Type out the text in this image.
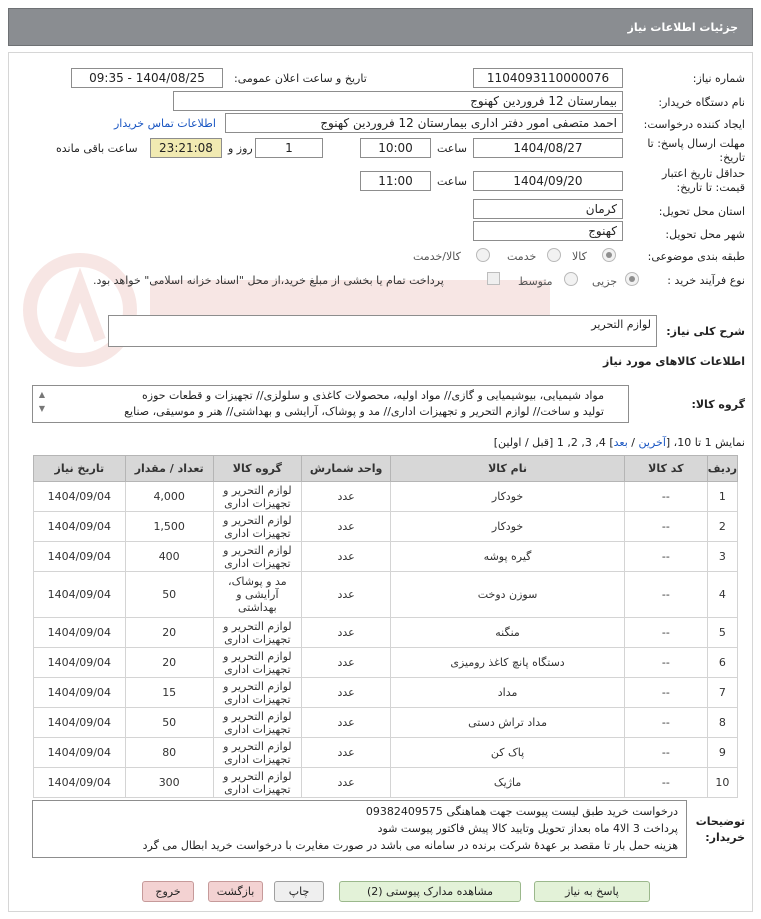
جزئیات اطلاعات نیاز
شماره نیاز:
1104093110000076
تاریخ و ساعت اعلان عمومی:
1404/08/25 - 09:35
نام دستگاه خریدار:
بیمارستان 12 فروردین کهنوج
ایجاد کننده درخواست:
احمد متصفی امور دفتر اداری بیمارستان 12 فروردین کهنوج
اطلاعات تماس خریدار
مهلت ارسال پاسخ: تا
تاریخ:
1404/08/27
ساعت
10:00
1
روز و
23:21:08
ساعت باقی مانده
حداقل تاریخ اعتبار
قیمت: تا تاریخ:
1404/09/20
ساعت
11:00
استان محل تحویل:
کرمان
شهر محل تحویل:
کهنوج
طبقه بندی موضوعی:
کالا
خدمت
کالا/خدمت
نوع فرآیند خرید :
جزیی
متوسط
پرداخت تمام یا بخشی از مبلغ خرید،از محل "اسناد خزانه اسلامی" خواهد بود.
شرح کلی نیاز:
لوازم التحریر
اطلاعات کالاهای مورد نیاز
گروه کالا:
مواد شیمیایی، بیوشیمیایی و گازی// مواد اولیه، محصولات کاغذی و سلولزی// تجهیزات و قطعات حوزه
تولید و ساخت// لوازم التحریر و تجهیزات اداری// مد و پوشاک، آرایشی و بهداشتی// هنر و موسیقی، صنایع
▲
▼
نمایش 1 تا 10، [آخرین / بعد] 4, 3, 2, 1 [قبل / اولین]
ردیف	کد کالا	نام کالا	واحد شمارش	گروه کالا	تعداد / مقدار	تاریخ نیاز
1	--	خودکار	عدد	لوازم التحریر و تجهیزات اداری	4,000	1404/09/04
2	--	خودکار	عدد	لوازم التحریر و تجهیزات اداری	1,500	1404/09/04
3	--	گیره پوشه	عدد	لوازم التحریر و تجهیزات اداری	400	1404/09/04
4	--	سوزن دوخت	عدد	مد و پوشاک، آرایشی و بهداشتی	50	1404/09/04
5	--	منگنه	عدد	لوازم التحریر و تجهیزات اداری	20	1404/09/04
6	--	دستگاه پانچ کاغذ رومیزی	عدد	لوازم التحریر و تجهیزات اداری	20	1404/09/04
7	--	مداد	عدد	لوازم التحریر و تجهیزات اداری	15	1404/09/04
8	--	مداد تراش دستی	عدد	لوازم التحریر و تجهیزات اداری	50	1404/09/04
9	--	پاک کن	عدد	لوازم التحریر و تجهیزات اداری	80	1404/09/04
10	--	ماژیک	عدد	لوازم التحریر و تجهیزات اداری	300	1404/09/04
توضیحات
خریدار:
درخواست خرید طبق لیست پیوست جهت هماهنگی 09382409575
پرداخت 3 الا4 ماه بعداز تحویل وتایید کالا پیش فاکتور پیوست شود
هزینه حمل بار تا مقصد بر عهدهٔ شرکت برنده در سامانه می باشد در صورت مغایرت با درخواست خرید ابطال می گرد
پاسخ به نیاز
مشاهده مدارک پیوستی (2)
چاپ
بازگشت
خروج
